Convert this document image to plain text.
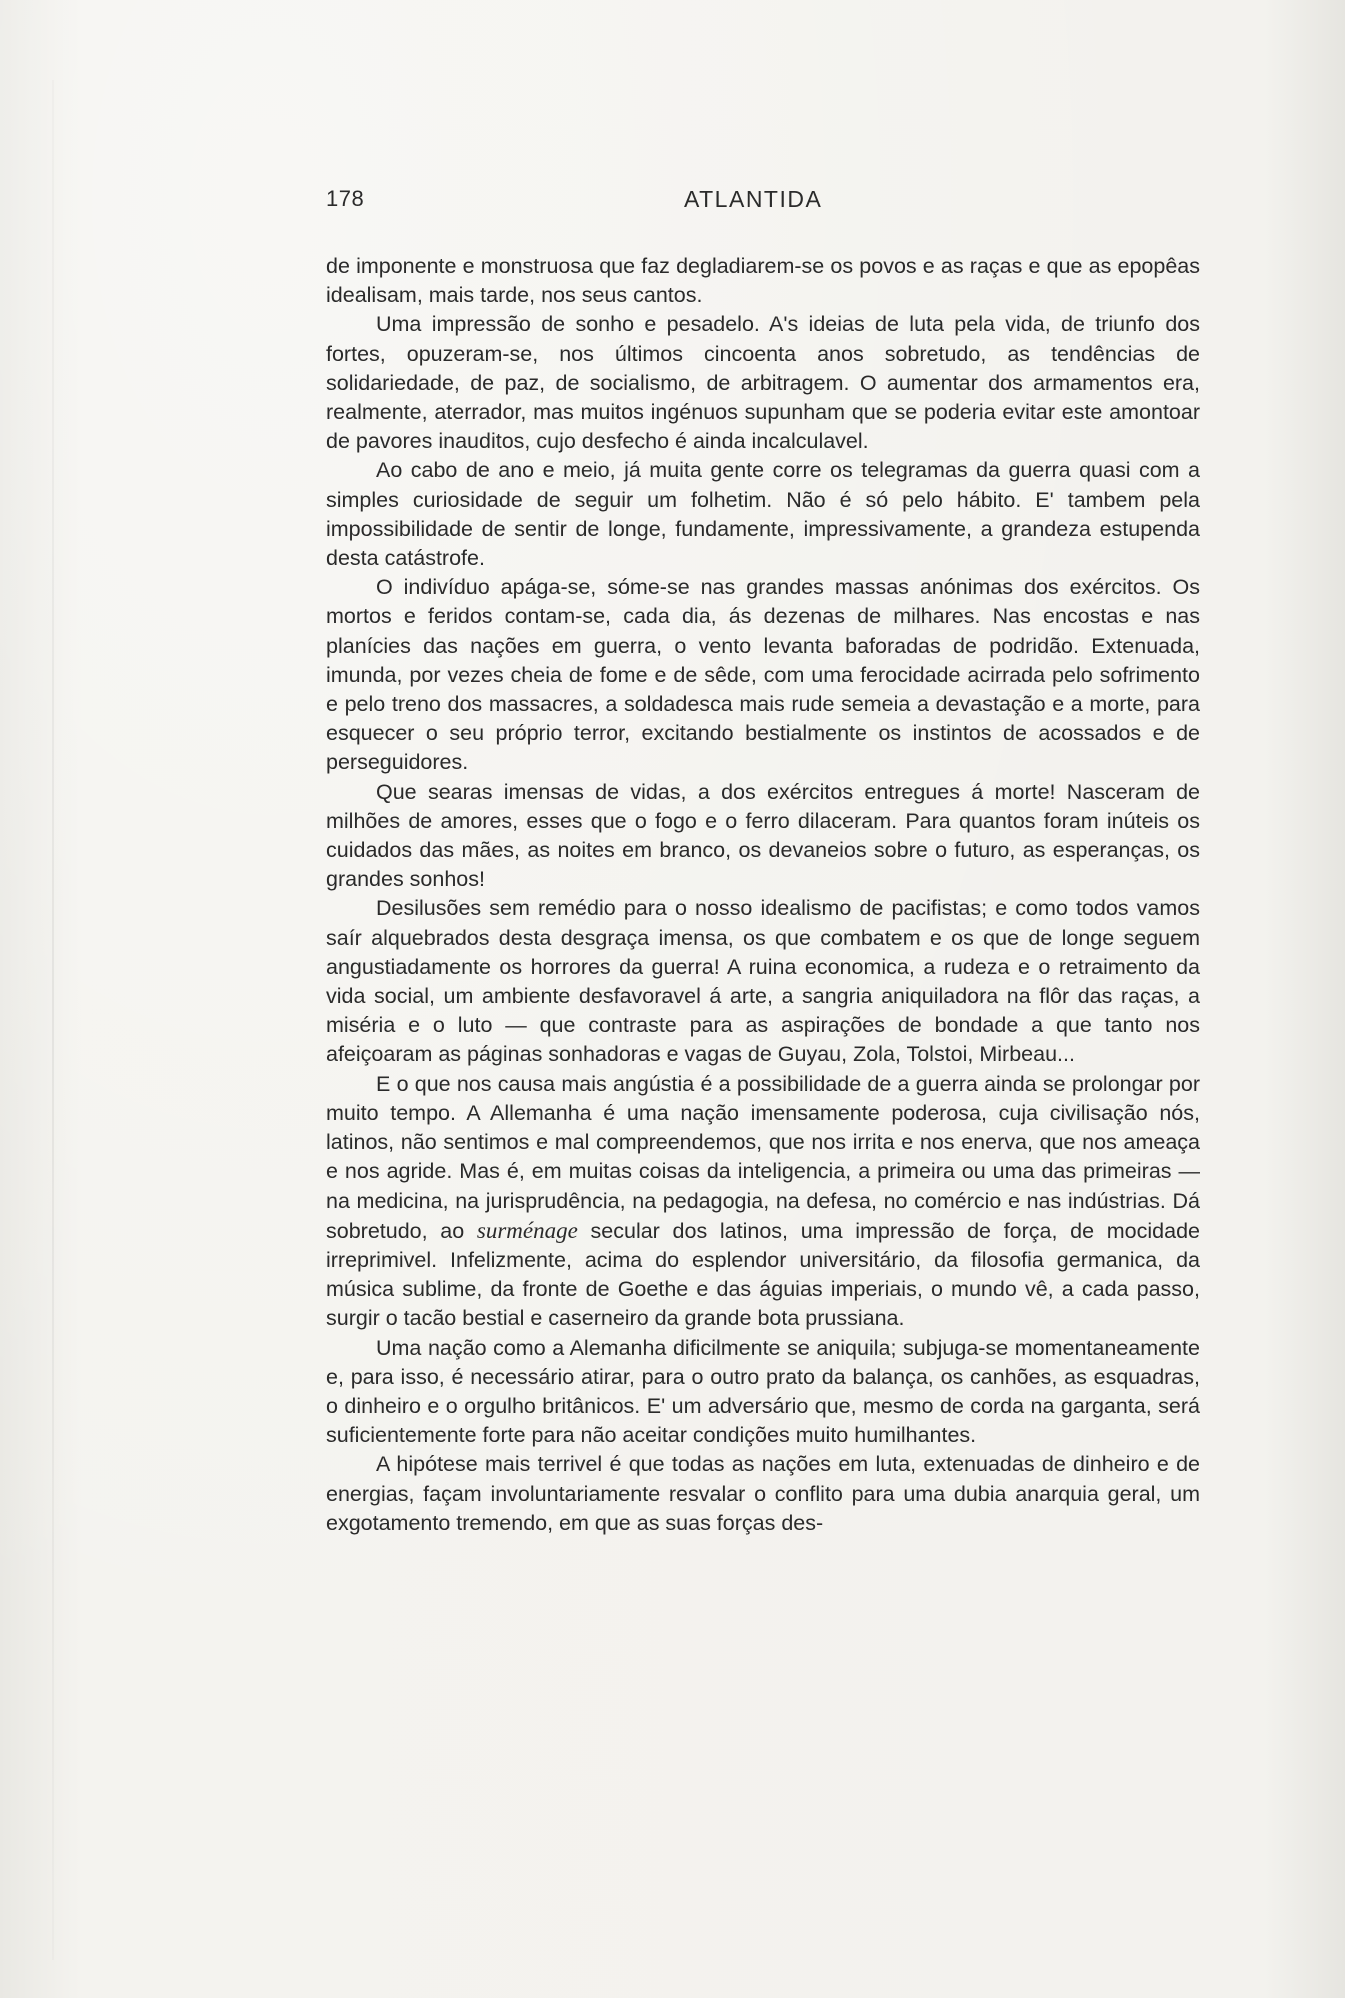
178	ATLANTIDA

de imponente e monstruosa que faz degladiarem-se os povos e as raças e que as epopêas idealisam, mais tarde, nos seus cantos.

Uma impressão de sonho e pesadelo. A's ideias de luta pela vida, de triunfo dos fortes, opuzeram-se, nos últimos cincoenta anos sobretudo, as tendências de solidariedade, de paz, de socialismo, de arbitragem. O aumentar dos armamentos era, realmente, aterrador, mas muitos ingénuos supunham que se poderia evitar este amontoar de pavores inauditos, cujo desfecho é ainda incalculavel.

Ao cabo de ano e meio, já muita gente corre os telegramas da guerra quasi com a simples curiosidade de seguir um folhetim. Não é só pelo hábito. E' tambem pela impossibilidade de sentir de longe, fundamente, impressivamente, a grandeza estupenda desta catástrofe.

O indivíduo apága-se, sóme-se nas grandes massas anónimas dos exércitos. Os mortos e feridos contam-se, cada dia, ás dezenas de milhares. Nas encostas e nas planícies das nações em guerra, o vento levanta baforadas de podridão. Extenuada, imunda, por vezes cheia de fome e de sêde, com uma ferocidade acirrada pelo sofrimento e pelo treno dos massacres, a soldadesca mais rude semeia a devastação e a morte, para esquecer o seu próprio terror, excitando bestialmente os instintos de acossados e de perseguidores.

Que searas imensas de vidas, a dos exércitos entregues á morte! Nasceram de milhões de amores, esses que o fogo e o ferro dilaceram. Para quantos foram inúteis os cuidados das mães, as noites em branco, os devaneios sobre o futuro, as esperanças, os grandes sonhos!

Desilusões sem remédio para o nosso idealismo de pacifistas; e como todos vamos saír alquebrados desta desgraça imensa, os que combatem e os que de longe seguem angustiadamente os horrores da guerra! A ruina economica, a rudeza e o retraimento da vida social, um ambiente desfavoravel á arte, a sangria aniquiladora na flôr das raças, a miséria e o luto — que contraste para as aspirações de bondade a que tanto nos afeiçoaram as páginas sonhadoras e vagas de Guyau, Zola, Tolstoi, Mirbeau...

E o que nos causa mais angústia é a possibilidade de a guerra ainda se prolongar por muito tempo. A Allemanha é uma nação imensamente poderosa, cuja civilisação nós, latinos, não sentimos e mal compreendemos, que nos irrita e nos enerva, que nos ameaça e nos agride. Mas é, em muitas coisas da inteligencia, a primeira ou uma das primeiras — na medicina, na jurisprudência, na pedagogia, na defesa, no comércio e nas indústrias. Dá sobretudo, ao surménage secular dos latinos, uma impressão de força, de mocidade irreprimivel. Infelizmente, acima do esplendor universitário, da filosofia germanica, da música sublime, da fronte de Goethe e das águias imperiais, o mundo vê, a cada passo, surgir o tacão bestial e caserneiro da grande bota prussiana.

Uma nação como a Alemanha dificilmente se aniquila; subjuga-se momentaneamente e, para isso, é necessário atirar, para o outro prato da balança, os canhões, as esquadras, o dinheiro e o orgulho britânicos. E' um adversário que, mesmo de corda na garganta, será suficientemente forte para não aceitar condições muito humilhantes.

A hipótese mais terrivel é que todas as nações em luta, extenuadas de dinheiro e de energias, façam involuntariamente resvalar o conflito para uma dubia anarquia geral, um exgotamento tremendo, em que as suas forças des-
